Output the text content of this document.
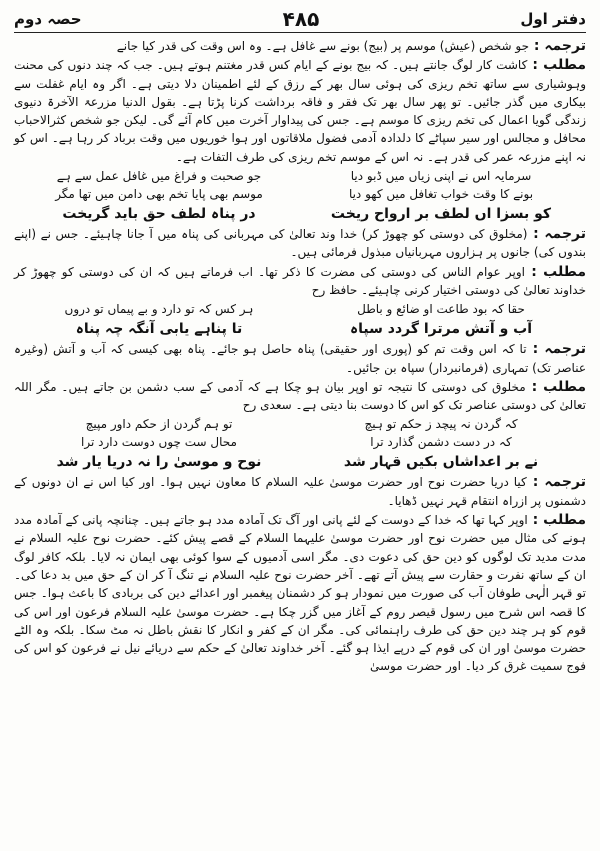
دفتر اول
۴۸۵
حصہ دوم

ترجمہ : جو شخص (عیش) موسم پر (بیج) بونے سے غافل ہے۔ وہ اس وقت کی قدر کیا جانے

مطلب : کاشت کار لوگ جانتے ہیں۔ کہ بیج بونے کے ایام کس قدر مغتنم ہوتے ہیں۔ جب کہ چند دنوں کی محنت وہوشیاری سے ساتھ تخم ریزی کی ہوئی سال بھر کے رزق کے لئے اطمینان دلا دیتی ہے۔ اگر وہ ایام غفلت سے بیکاری میں گذر جائیں۔ تو پھر سال بھر تک فقر و فاقہ برداشت کرنا پڑتا ہے۔ بقول الدنیا مزرعۃ الآخرۃ دنیوی زندگی گویا اعمال کی تخم ریزی کا موسم ہے۔ جس کی پیداوار آخرت میں کام آئے گی۔ لیکن جو شخص کثرالاحباب محافل و مجالس اور سیر سپاٹے کا دلدادہ آدمی فضول ملاقاتوں اور ہوا خوریوں میں وقت برباد کر رہا ہے۔ اس کو نہ اپنے مزرعہ عمر کی قدر ہے۔ نہ اس کے موسم تخم ریزی کی طرف التفات ہے۔

سرمایہ اس نے اپنی زیاں میں ڈبو دیا
جو صحبت و فراغ میں غافل عمل سے ہے
بونے کا وقت خواب تغافل میں کھو دیا
موسم بھی پایا تخم بھی دامن میں تھا مگر
کو بسزا اں لطف بر ارواح ریخت
در پناہ لطف حق باید گریخت

ترجمہ : (مخلوق کی دوستی کو چھوڑ کر) خدا وند تعالیٰ کی مہربانی کی پناہ میں آ جانا چاہیئے۔ جس نے (اپنے بندوں کی) جانوں پر ہزاروں مہربانیاں مبذول فرمائی ہیں۔

مطلب : اوپر عوام الناس کی دوستی کی مضرت کا ذکر تھا۔ اب فرماتے ہیں کہ ان کی دوستی کو چھوڑ کر خداوند تعالیٰ کی دوستی اختیار کرنی چاہیئے۔ حافظ رح

حقا کہ بود طاعت او ضائع و باطل
ہر کس کہ تو دارد و بے پیماں تو دروں
آب و آتش مرترا گردد سپاہ
تا پناہے یابی آنگہ چہ پناہ

ترجمہ : تا کہ اس وقت تم کو (پوری اور حقیقی) پناہ حاصل ہو جائے۔ پناہ بھی کیسی کہ آب و آتش (وغیرہ عناصر تک) تمہاری (فرمانبردار) سپاہ بن جائیں۔

مطلب : مخلوق کی دوستی کا نتیجہ تو اوپر بیان ہو چکا ہے کہ آدمی کے سب دشمن بن جاتے ہیں۔ مگر اللہ تعالیٰ کی دوستی عناصر تک کو اس کا دوست بنا دیتی ہے۔ سعدی رح

کہ گردن نہ پیچد ز حکم تو ہیچ
تو ہم گردن از حکم داور مپیچ
کہ در دست دشمن گذارد ترا
محال ست چوں دوست دارد ترا
نے بر اعداشاں بکیں قہار شد
نوح و موسیٰ را نہ دریا یار شد

ترجمہ : کیا دریا حضرت نوح اور حضرت موسیٰ علیہ السلام کا معاون نہیں ہوا۔ اور کیا اس نے ان دونوں کے دشمنوں پر ازراہ انتقام قہر نہیں ڈھایا۔

مطلب : اوپر کہا تھا کہ خدا کے دوست کے لئے پانی اور آگ تک آمادہ مدد ہو جاتے ہیں۔ چنانچہ پانی کے آمادہ مدد ہونے کی مثال میں حضرت نوح اور حضرت موسیٰ علیہما السلام کے قصے پیش کئے۔ حضرت نوح علیہ السلام نے مدت مدید تک لوگوں کو دین حق کی دعوت دی۔ مگر اسی آدمیوں کے سوا کوئی بھی ایمان نہ لایا۔ بلکہ کافر لوگ ان کے ساتھ نفرت و حقارت سے پیش آتے تھے۔ آخر حضرت نوح علیہ السلام نے تنگ آ کر ان کے حق میں بد دعا کی۔ تو قہر الٰہی طوفان آب کی صورت میں نمودار ہو کر دشمنان پیغمبر اور اعدائے دین کی بربادی کا باعث ہوا۔ جس کا قصہ اس شرح میں رسول قیصر روم کے آغاز میں گزر چکا ہے۔ حضرت موسیٰ علیہ السلام فرعون اور اس کی قوم کو ہر چند دین حق کی طرف راہنمائی کی۔ مگر ان کے کفر و انکار کا نقش باطل نہ مٹ سکا۔ بلکہ وہ الٹے حضرت موسیٰ اور ان کی قوم کے درپے ایذا ہو گئے۔ آخر خداوند تعالیٰ کے حکم سے دریائے نیل نے فرعون کو اس کی فوج سمیت غرق کر دیا۔ اور حضرت موسیٰ
